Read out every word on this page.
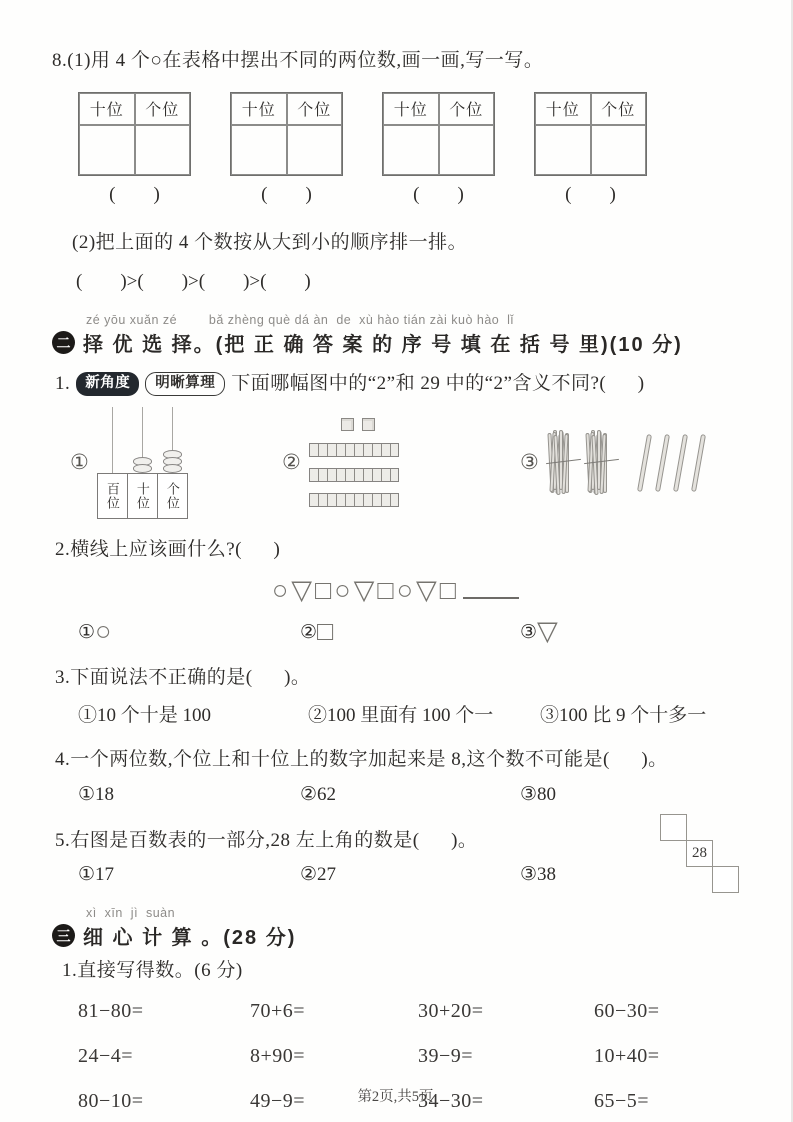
8.(1)用 4 个○在表格中摆出不同的两位数,画一画,写一写。
十位	个位	十位	个位	十位	个位	十位	个位
(        )	(        )	(        )	(        )
(2)把上面的 4 个数按从大到小的顺序排一排。
(        )>(        )>(        )>(        )
zé yōu xuǎn zé        bǎ zhèng què dá àn  de  xù hào tián zài kuò hào  lǐ
二 择 优 选 择。(把 正 确 答 案 的 序 号 填 在 括 号 里)(10 分)
1.	新角度	明晰算理 下面哪幅图中的“2”和 29 中的“2”含义不同?(      )
①
百位	十位	个位
②	③
2.横线上应该画什么?(      )
○▽□○▽□○▽□
①○	②□	③▽
3.下面说法不正确的是(      )。
①10 个十是 100	②100 里面有 100 个一	③100 比 9 个十多一
4.一个两位数,个位上和十位上的数字加起来是 8,这个数不可能是(      )。
①18	②62	③80
5.右图是百数表的一部分,28 左上角的数是(      )。
28
①17	②27	③38
xì  xīn  jì  suàn
三 细 心 计 算 。(28 分)
1.直接写得数。(6 分)
81−80=	70+6=	30+20=	60−30=
24−4=	8+90=	39−9=	10+40=
80−10=	49−9=	34−30=	65−5=
第2页,共5页
